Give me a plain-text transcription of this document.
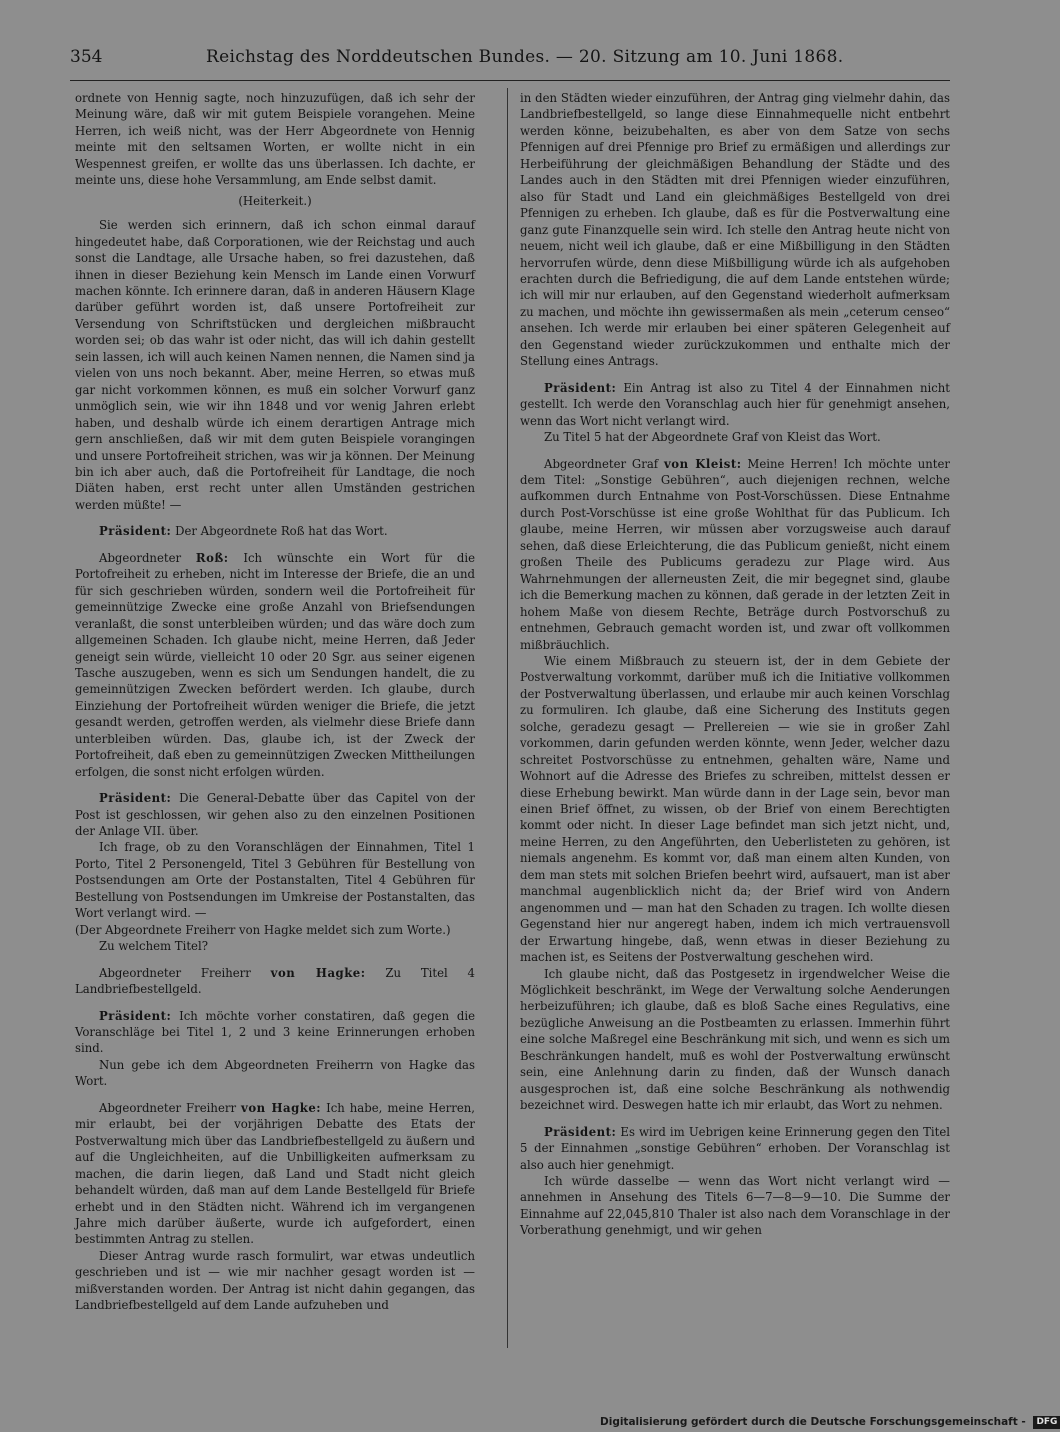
354	Reichstag des Norddeutschen Bundes. — 20. Sitzung am 10. Juni 1868.

ordnete von Hennig sagte, noch hinzuzufügen, daß ich sehr der Meinung wäre, daß wir mit gutem Beispiele vorangehen. Meine Herren, ich weiß nicht, was der Herr Abgeordnete von Hennig meinte mit den seltsamen Worten, er wollte nicht in ein Wespennest greifen, er wollte das uns überlassen. Ich dachte, er meinte uns, diese hohe Versammlung, am Ende selbst damit.

(Heiterkeit.)

Sie werden sich erinnern, daß ich schon einmal darauf hingedeutet habe, daß Corporationen, wie der Reichstag und auch sonst die Landtage, alle Ursache haben, so frei dazustehen, daß ihnen in dieser Beziehung kein Mensch im Lande einen Vorwurf machen könnte. Ich erinnere daran, daß in anderen Häusern Klage darüber geführt worden ist, daß unsere Portofreiheit zur Versendung von Schriftstücken und dergleichen mißbraucht worden sei; ob das wahr ist oder nicht, das will ich dahin gestellt sein lassen, ich will auch keinen Namen nennen, die Namen sind ja vielen von uns noch bekannt. Aber, meine Herren, so etwas muß gar nicht vorkommen können, es muß ein solcher Vorwurf ganz unmöglich sein, wie wir ihn 1848 und vor wenig Jahren erlebt haben, und deshalb würde ich einem derartigen Antrage mich gern anschließen, daß wir mit dem guten Beispiele vorangingen und unsere Portofreiheit strichen, was wir ja können. Der Meinung bin ich aber auch, daß die Portofreiheit für Landtage, die noch Diäten haben, erst recht unter allen Umständen gestrichen werden müßte! —

Präsident: Der Abgeordnete Roß hat das Wort.

Abgeordneter Roß: Ich wünschte ein Wort für die Portofreiheit zu erheben, nicht im Interesse der Briefe, die an und für sich geschrieben würden, sondern weil die Portofreiheit für gemeinnützige Zwecke eine große Anzahl von Briefsendungen veranlaßt, die sonst unterbleiben würden; und das wäre doch zum allgemeinen Schaden. Ich glaube nicht, meine Herren, daß Jeder geneigt sein würde, vielleicht 10 oder 20 Sgr. aus seiner eigenen Tasche auszugeben, wenn es sich um Sendungen handelt, die zu gemeinnützigen Zwecken befördert werden. Ich glaube, durch Einziehung der Portofreiheit würden weniger die Briefe, die jetzt gesandt werden, getroffen werden, als vielmehr diese Briefe dann unterbleiben würden. Das, glaube ich, ist der Zweck der Portofreiheit, daß eben zu gemeinnützigen Zwecken Mittheilungen erfolgen, die sonst nicht erfolgen würden.

Präsident: Die General-Debatte über das Capitel von der Post ist geschlossen, wir gehen also zu den einzelnen Positionen der Anlage VII. über.

Ich frage, ob zu den Voranschlägen der Einnahmen, Titel 1 Porto, Titel 2 Personengeld, Titel 3 Gebühren für Bestellung von Postsendungen am Orte der Postanstalten, Titel 4 Gebühren für Bestellung von Postsendungen im Umkreise der Postanstalten, das Wort verlangt wird. —

(Der Abgeordnete Freiherr von Hagke meldet sich zum Worte.)

Zu welchem Titel?

Abgeordneter Freiherr von Hagke: Zu Titel 4 Landbriefbestellgeld.

Präsident: Ich möchte vorher constatiren, daß gegen die Voranschläge bei Titel 1, 2 und 3 keine Erinnerungen erhoben sind.

Nun gebe ich dem Abgeordneten Freiherrn von Hagke das Wort.

Abgeordneter Freiherr von Hagke: Ich habe, meine Herren, mir erlaubt, bei der vorjährigen Debatte des Etats der Postverwaltung mich über das Landbriefbestellgeld zu äußern und auf die Ungleichheiten, auf die Unbilligkeiten aufmerksam zu machen, die darin liegen, daß Land und Stadt nicht gleich behandelt würden, daß man auf dem Lande Bestellgeld für Briefe erhebt und in den Städten nicht. Während ich im vergangenen Jahre mich darüber äußerte, wurde ich aufgefordert, einen bestimmten Antrag zu stellen.

Dieser Antrag wurde rasch formulirt, war etwas undeutlich geschrieben und ist — wie mir nachher gesagt worden ist — mißverstanden worden. Der Antrag ist nicht dahin gegangen, das Landbriefbestellgeld auf dem Lande aufzuheben und

in den Städten wieder einzuführen, der Antrag ging vielmehr dahin, das Landbriefbestellgeld, so lange diese Einnahmequelle nicht entbehrt werden könne, beizubehalten, es aber von dem Satze von sechs Pfennigen auf drei Pfennige pro Brief zu ermäßigen und allerdings zur Herbeiführung der gleichmäßigen Behandlung der Städte und des Landes auch in den Städten mit drei Pfennigen wieder einzuführen, also für Stadt und Land ein gleichmäßiges Bestellgeld von drei Pfennigen zu erheben. Ich glaube, daß es für die Postverwaltung eine ganz gute Finanzquelle sein wird. Ich stelle den Antrag heute nicht von neuem, nicht weil ich glaube, daß er eine Mißbilligung in den Städten hervorrufen würde, denn diese Mißbilligung würde ich als aufgehoben erachten durch die Befriedigung, die auf dem Lande entstehen würde; ich will mir nur erlauben, auf den Gegenstand wiederholt aufmerksam zu machen, und möchte ihn gewissermaßen als mein „ceterum censeo“ ansehen. Ich werde mir erlauben bei einer späteren Gelegenheit auf den Gegenstand wieder zurückzukommen und enthalte mich der Stellung eines Antrags.

Präsident: Ein Antrag ist also zu Titel 4 der Einnahmen nicht gestellt. Ich werde den Voranschlag auch hier für genehmigt ansehen, wenn das Wort nicht verlangt wird.

Zu Titel 5 hat der Abgeordnete Graf von Kleist das Wort.

Abgeordneter Graf von Kleist: Meine Herren! Ich möchte unter dem Titel: „Sonstige Gebühren“, auch diejenigen rechnen, welche aufkommen durch Entnahme von Post-Vorschüssen. Diese Entnahme durch Post-Vorschüsse ist eine große Wohlthat für das Publicum. Ich glaube, meine Herren, wir müssen aber vorzugsweise auch darauf sehen, daß diese Erleichterung, die das Publicum genießt, nicht einem großen Theile des Publicums geradezu zur Plage wird. Aus Wahrnehmungen der allerneusten Zeit, die mir begegnet sind, glaube ich die Bemerkung machen zu können, daß gerade in der letzten Zeit in hohem Maße von diesem Rechte, Beträge durch Postvorschuß zu entnehmen, Gebrauch gemacht worden ist, und zwar oft vollkommen mißbräuchlich.

Wie einem Mißbrauch zu steuern ist, der in dem Gebiete der Postverwaltung vorkommt, darüber muß ich die Initiative vollkommen der Postverwaltung überlassen, und erlaube mir auch keinen Vorschlag zu formuliren. Ich glaube, daß eine Sicherung des Instituts gegen solche, geradezu gesagt — Prellereien — wie sie in großer Zahl vorkommen, darin gefunden werden könnte, wenn Jeder, welcher dazu schreitet Postvorschüsse zu entnehmen, gehalten wäre, Name und Wohnort auf die Adresse des Briefes zu schreiben, mittelst dessen er diese Erhebung bewirkt. Man würde dann in der Lage sein, bevor man einen Brief öffnet, zu wissen, ob der Brief von einem Berechtigten kommt oder nicht. In dieser Lage befindet man sich jetzt nicht, und, meine Herren, zu den Angeführten, den Ueberlisteten zu gehören, ist niemals angenehm. Es kommt vor, daß man einem alten Kunden, von dem man stets mit solchen Briefen beehrt wird, aufsauert, man ist aber manchmal augenblicklich nicht da; der Brief wird von Andern angenommen und — man hat den Schaden zu tragen. Ich wollte diesen Gegenstand hier nur angeregt haben, indem ich mich vertrauensvoll der Erwartung hingebe, daß, wenn etwas in dieser Beziehung zu machen ist, es Seitens der Postverwaltung geschehen wird.

Ich glaube nicht, daß das Postgesetz in irgendwelcher Weise die Möglichkeit beschränkt, im Wege der Verwaltung solche Aenderungen herbeizuführen; ich glaube, daß es bloß Sache eines Regulativs, eine bezügliche Anweisung an die Postbeamten zu erlassen. Immerhin führt eine solche Maßregel eine Beschränkung mit sich, und wenn es sich um Beschränkungen handelt, muß es wohl der Postverwaltung erwünscht sein, eine Anlehnung darin zu finden, daß der Wunsch danach ausgesprochen ist, daß eine solche Beschränkung als nothwendig bezeichnet wird. Deswegen hatte ich mir erlaubt, das Wort zu nehmen.

Präsident: Es wird im Uebrigen keine Erinnerung gegen den Titel 5 der Einnahmen „sonstige Gebühren“ erhoben. Der Voranschlag ist also auch hier genehmigt.

Ich würde dasselbe — wenn das Wort nicht verlangt wird — annehmen in Ansehung des Titels 6—7—8—9—10. Die Summe der Einnahme auf 22,045,810 Thaler ist also nach dem Voranschlage in der Vorberathung genehmigt, und wir gehen

Digitalisierung gefördert durch die Deutsche Forschungsgemeinschaft - DFG
